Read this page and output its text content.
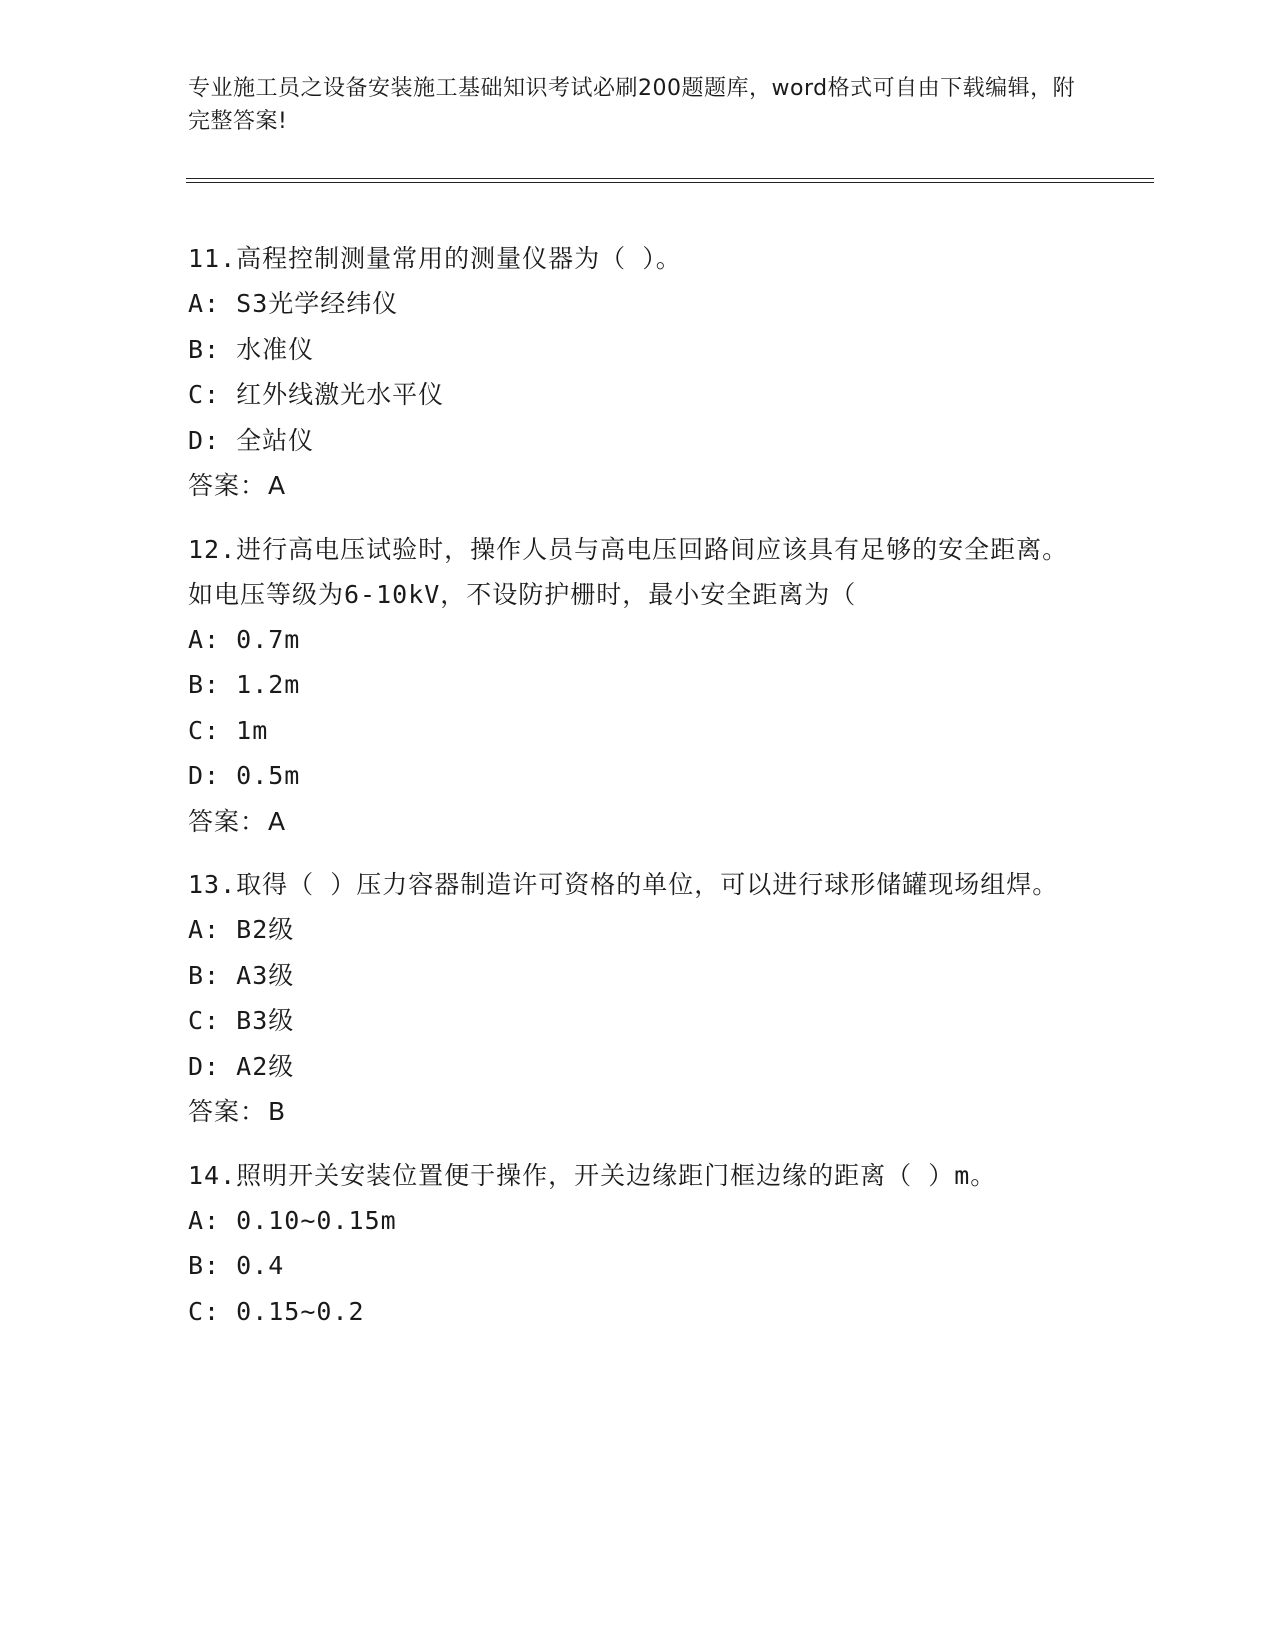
专业施工员之设备安装施工基础知识考试必刷200题题库，word格式可自由下载编辑，附完整答案!

11.高程控制测量常用的测量仪器为（ ）。

A: S3光学经纬仪

B: 水准仪

C: 红外线激光水平仪

D: 全站仪

答案：A

12.进行高电压试验时，操作人员与高电压回路间应该具有足够的安全距离。如电压等级为6-10kV，不设防护栅时，最小安全距离为（

A: 0.7m

B: 1.2m

C: 1m

D: 0.5m

答案：A

13.取得（ ）压力容器制造许可资格的单位，可以进行球形储罐现场组焊。

A: B2级

B: A3级

C: B3级

D: A2级

答案：B

14.照明开关安装位置便于操作，开关边缘距门框边缘的距离（ ）m。

A: 0.10~0.15m

B: 0.4

C: 0.15~0.2
